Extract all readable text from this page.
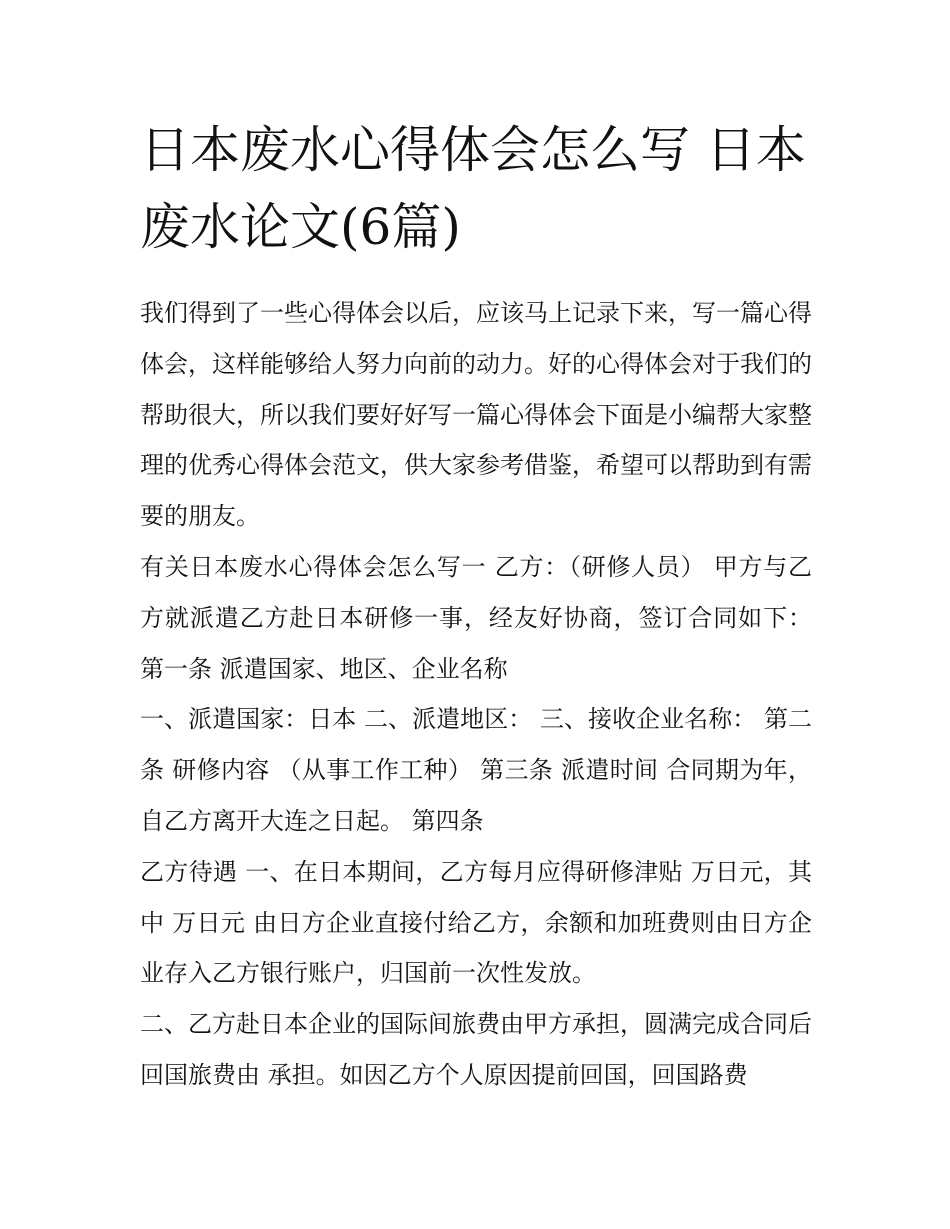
日本废水心得体会怎么写 日本废水论文(6篇)

我们得到了一些心得体会以后，应该马上记录下来，写一篇心得体会，这样能够给人努力向前的动力。好的心得体会对于我们的帮助很大，所以我们要好好写一篇心得体会下面是小编帮大家整理的优秀心得体会范文，供大家参考借鉴，希望可以帮助到有需要的朋友。

有关日本废水心得体会怎么写一 乙方：（研修人员） 甲方与乙方就派遣乙方赴日本研修一事，经友好协商，签订合同如下： 第一条 派遣国家、地区、企业名称

一、派遣国家：日本 二、派遣地区： 三、接收企业名称： 第二条 研修内容 （从事工作工种） 第三条 派遣时间 合同期为年，自乙方离开大连之日起。 第四条

乙方待遇 一、在日本期间，乙方每月应得研修津贴 万日元，其中 万日元 由日方企业直接付给乙方，余额和加班费则由日方企业存入乙方银行账户，归国前一次性发放。

二、乙方赴日本企业的国际间旅费由甲方承担，圆满完成合同后回国旅费由 承担。如因乙方个人原因提前回国，回国路费
